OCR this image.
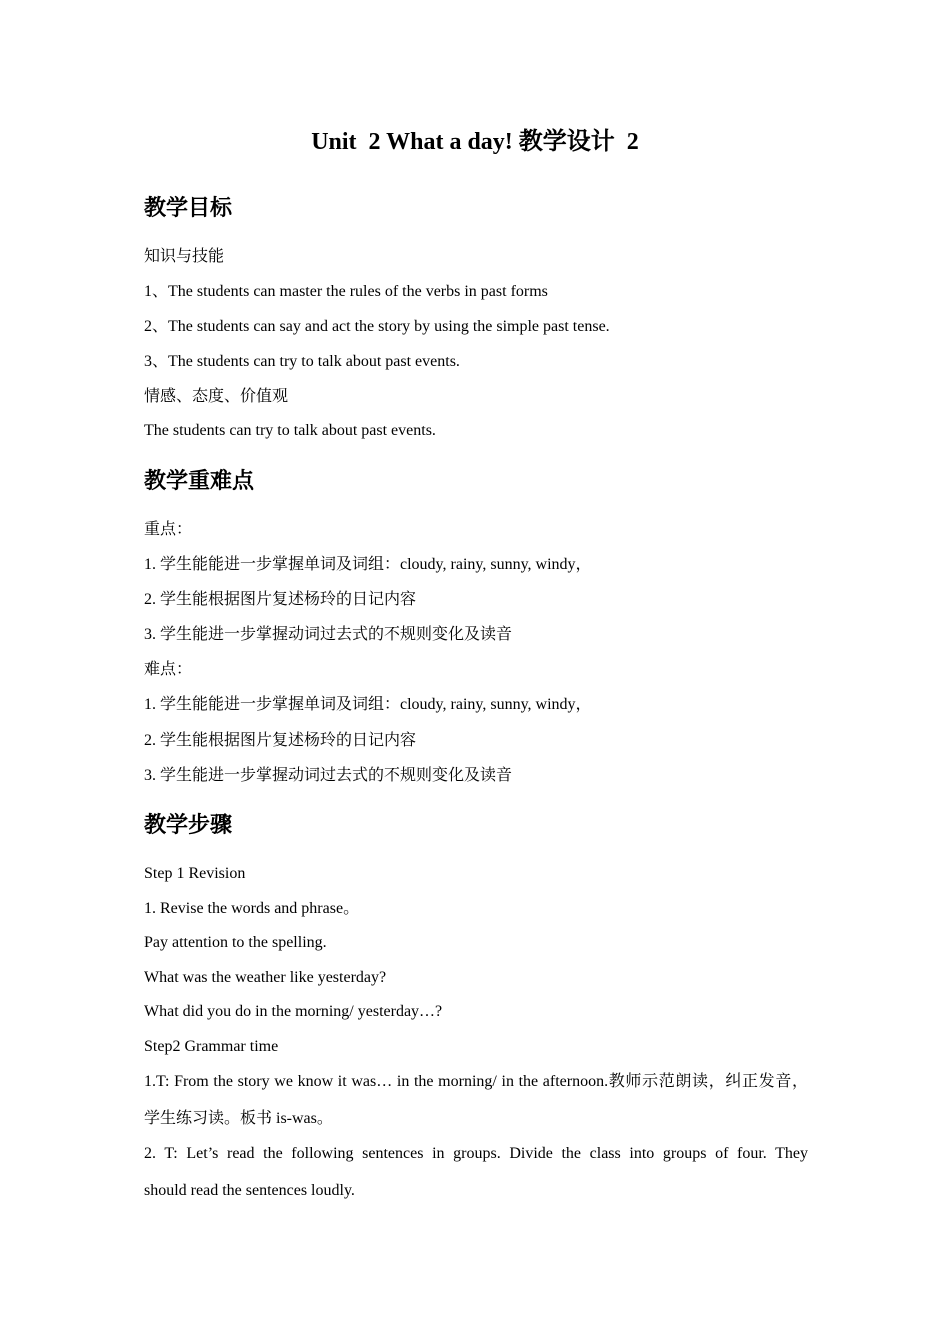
Unit  2 What a day! 教学设计  2
教学目标
知识与技能
1、The students can master the rules of the verbs in past forms
2、The students can say and act the story by using the simple past tense.
3、The students can try to talk about past events.
情感、态度、价值观
The students can try to talk about past events.
教学重难点
重点：
1. 学生能能进一步掌握单词及词组：cloudy, rainy, sunny, windy，
2. 学生能根据图片复述杨玲的日记内容
3. 学生能进一步掌握动词过去式的不规则变化及读音
难点：
1. 学生能能进一步掌握单词及词组：cloudy, rainy, sunny, windy，
2. 学生能根据图片复述杨玲的日记内容
3. 学生能进一步掌握动词过去式的不规则变化及读音
教学步骤
Step 1 Revision
1. Revise the words and phrase。
Pay attention to the spelling.
What was the weather like yesterday?
What did you do in the morning/ yesterday…?
Step2 Grammar time
1.T: From the story we know it was… in the morning/ in the afternoon.教师示范朗读，纠正发音，
学生练习读。板书 is-was。
2. T: Let’s read the following sentences in groups. Divide the class into groups of four. They
should read the sentences loudly.
